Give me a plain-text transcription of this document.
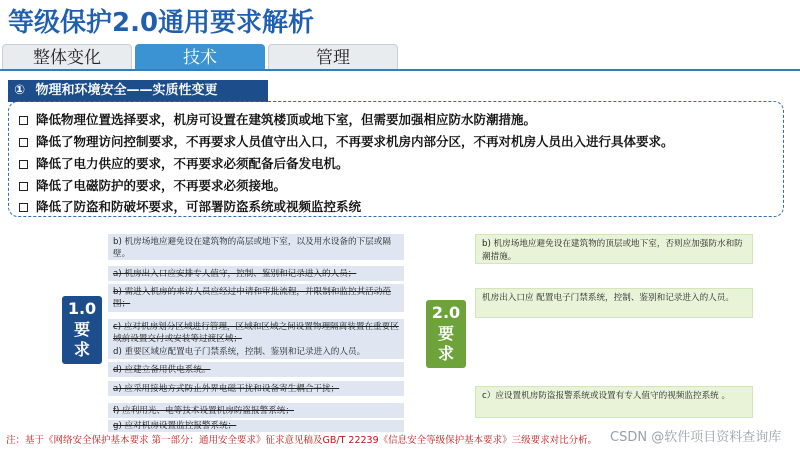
等级保护2.0通用要求解析
整体变化	技术	管理
① 物理和环境安全——实质性变更
降低物理位置选择要求，机房可设置在建筑楼顶或地下室，但需要加强相应防水防潮措施。
降低了物理访问控制要求，不再要求人员值守出入口，不再要求机房内部分区，不再对机房人员出入进行具体要求。
降低了电力供应的要求，不再要求必须配备后备发电机。
降低了电磁防护的要求，不再要求必须接地。
降低了防盗和防破坏要求，可部署防盗系统或视频监控系统
1.0
要
求
b) 机房场地应避免设在建筑物的高层或地下室，以及用水设备的下层或隔壁。
a) 机房出入口应安排专人值守，控制、鉴别和记录进入的人员；
b) 需进入机房的来访人员应经过申请和审批流程，并限制和监控其活动范围；
c) 应对机房划分区域进行管理，区域和区域之间设置物理隔离装置在重要区域前设置交付或安装等过渡区域；
d) 重要区域应配置电子门禁系统，控制、鉴别和记录进入的人员。
d) 应建立备用供电系统。
a) 应采用接地方式防止外界电磁干扰和设备寄生耦合干扰；
f) 应利用光、电等技术设置机房防盗报警系统；
g) 应对机房设置监控报警系统；
2.0
要
求
b) 机房场地应避免设在建筑物的顶层或地下室，否则应加强防水和防潮措施。
机房出入口应 配置电子门禁系统，控制、鉴别和记录进入的人员。
c）应设置机房防盗报警系统或设置有专人值守的视频监控系统 。
注：基于《网络安全保护基本要求 第一部分：通用安全要求》征求意见稿及GB/T 22239《信息安全等级保护基本要求》三级要求对比分析。 CSDN @软件项目资料查询库
